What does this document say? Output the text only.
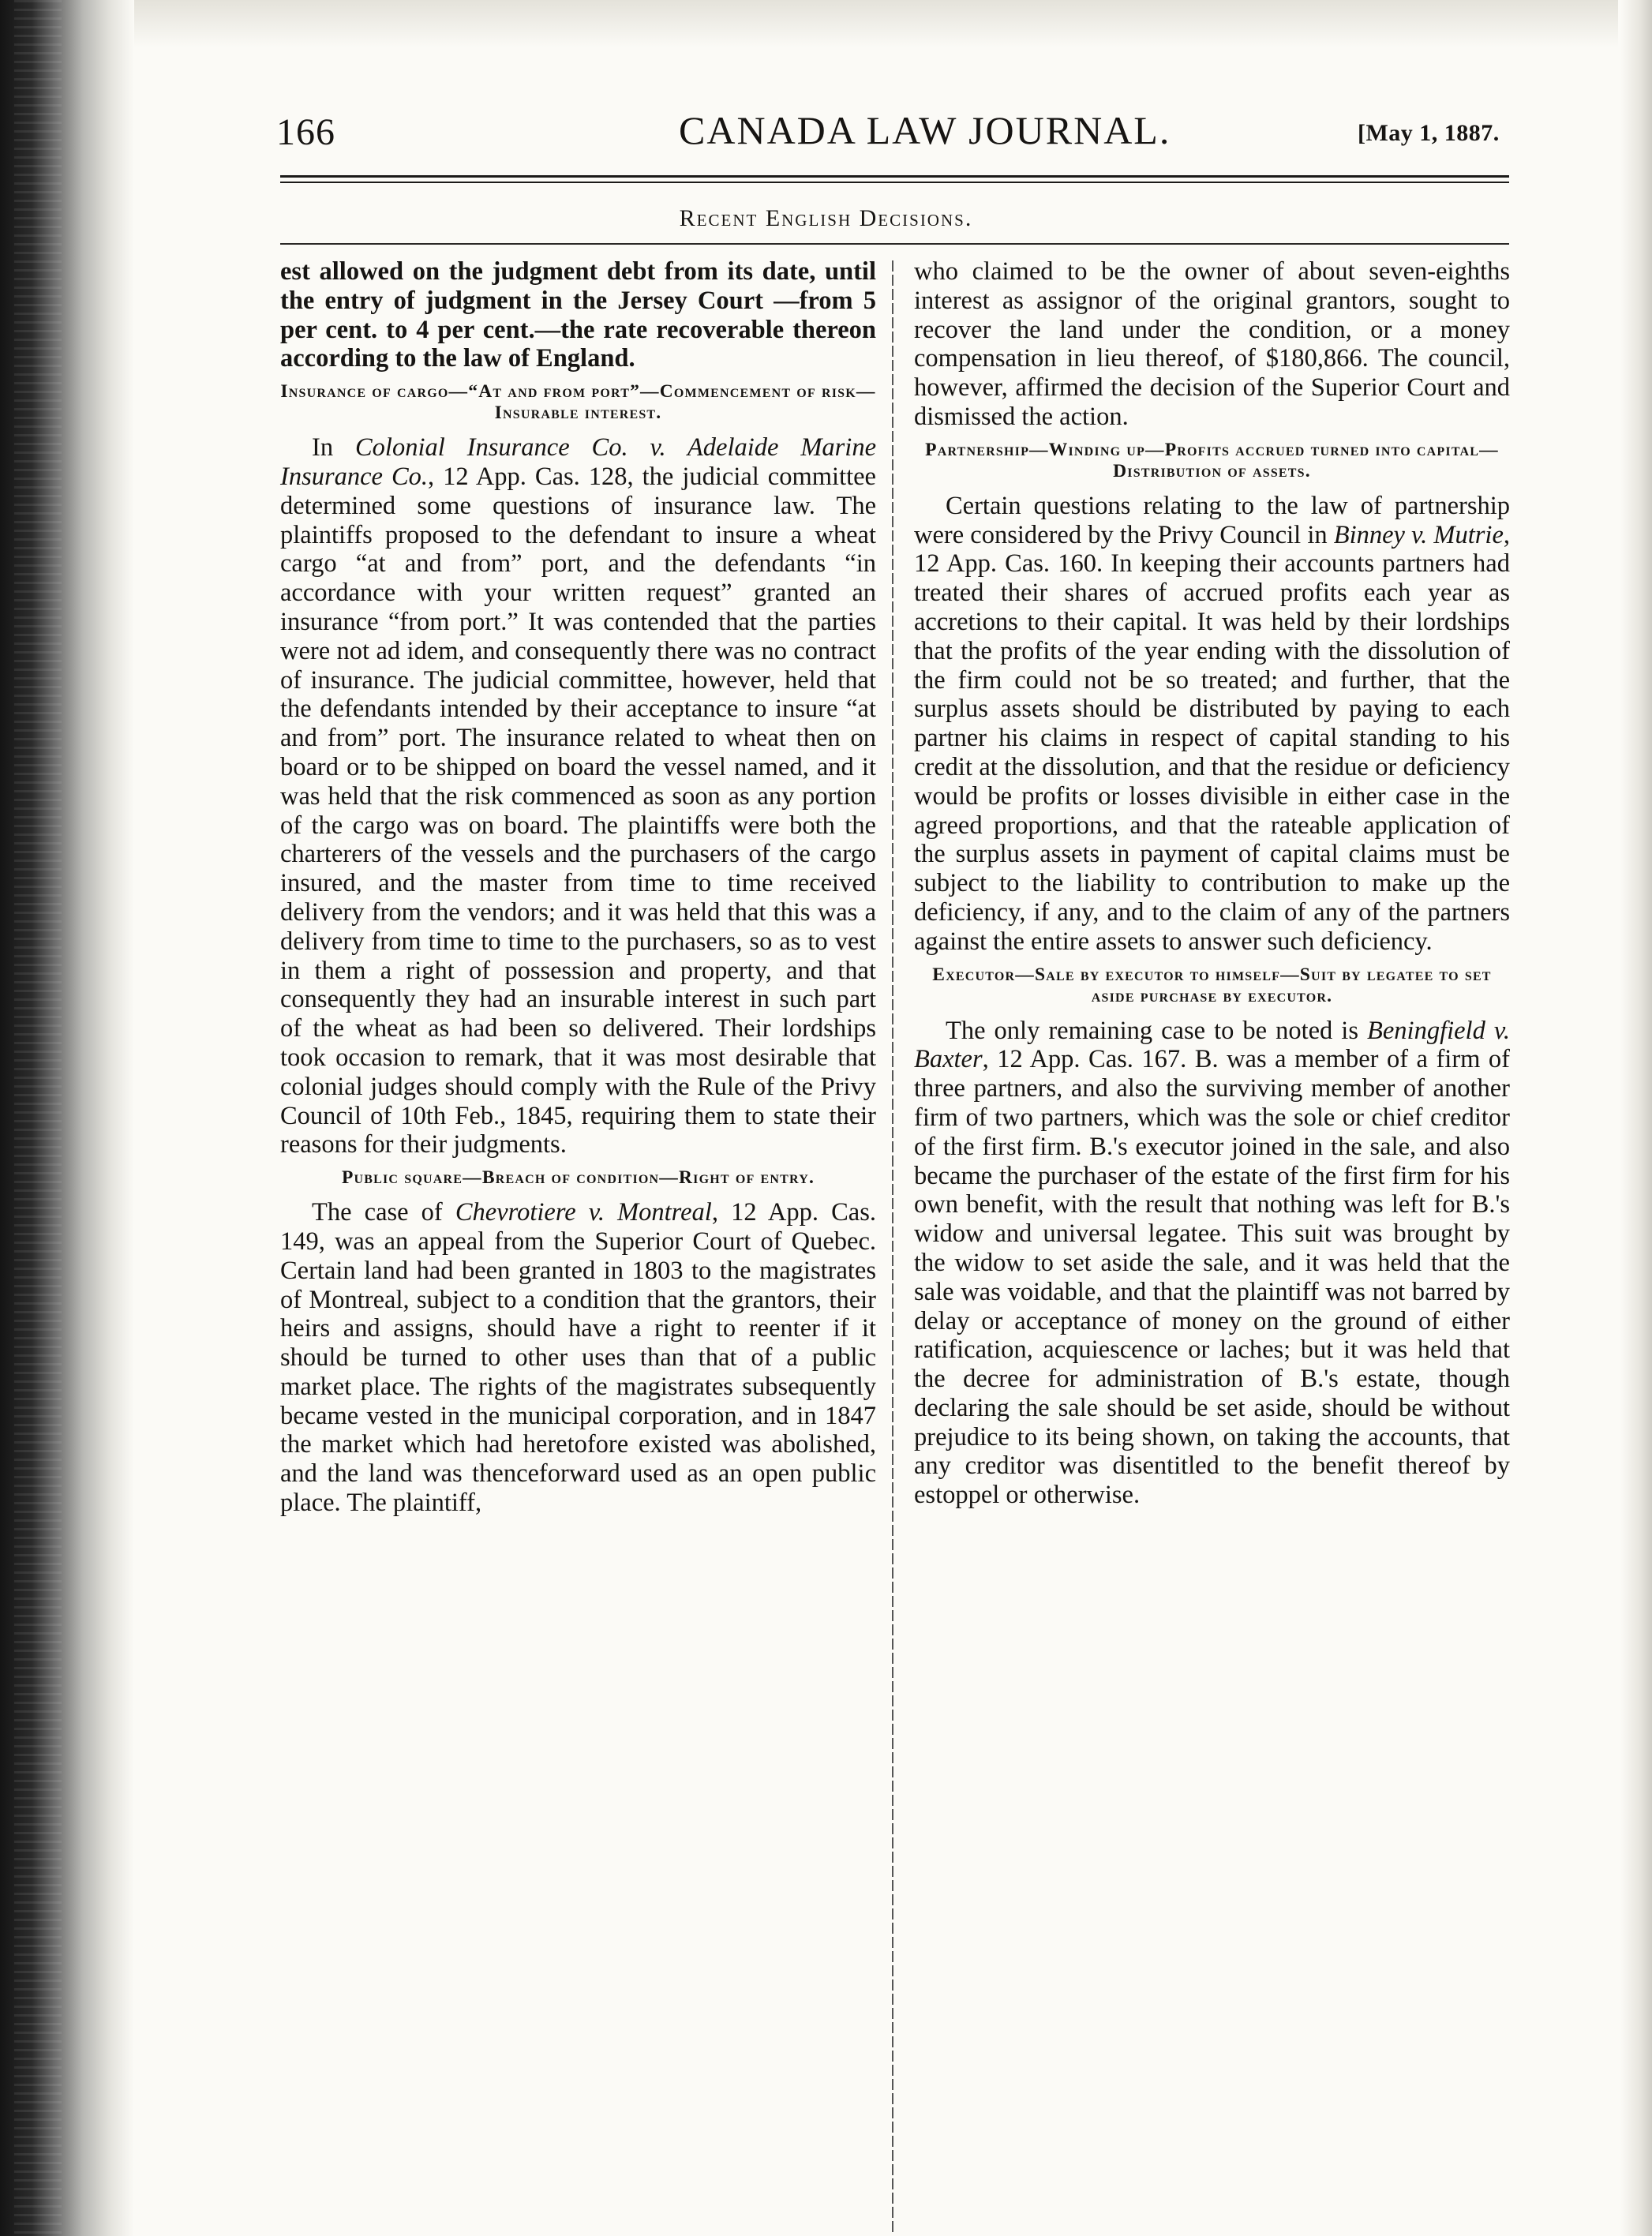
166	CANADA LAW JOURNAL.	[May 1, 1887.
Recent English Decisions.

est allowed on the judgment debt from its date, until the entry of judgment in the Jersey Court —from 5 per cent. to 4 per cent.—the rate recoverable thereon according to the law of England.

Insurance of cargo—“At and from port”—Commencement of risk—Insurable interest.

In Colonial Insurance Co. v. Adelaide Marine Insurance Co., 12 App. Cas. 128, the judicial committee determined some questions of insurance law. The plaintiffs proposed to the defendant to insure a wheat cargo “at and from” port, and the defendants “in accordance with your written request” granted an insurance “from port.” It was contended that the parties were not ad idem, and consequently there was no contract of insurance. The judicial committee, however, held that the defendants intended by their acceptance to insure “at and from” port. The insurance related to wheat then on board or to be shipped on board the vessel named, and it was held that the risk commenced as soon as any portion of the cargo was on board. The plaintiffs were both the charterers of the vessels and the purchasers of the cargo insured, and the master from time to time received delivery from the vendors; and it was held that this was a delivery from time to time to the purchasers, so as to vest in them a right of possession and property, and that consequently they had an insurable interest in such part of the wheat as had been so delivered. Their lordships took occasion to remark, that it was most desirable that colonial judges should comply with the Rule of the Privy Council of 10th Feb., 1845, requiring them to state their reasons for their judgments.

Public square—Breach of condition—Right of entry.

The case of Chevrotiere v. Montreal, 12 App. Cas. 149, was an appeal from the Superior Court of Quebec. Certain land had been granted in 1803 to the magistrates of Montreal, subject to a condition that the grantors, their heirs and assigns, should have a right to reenter if it should be turned to other uses than that of a public market place. The rights of the magistrates subsequently became vested in the municipal corporation, and in 1847 the market which had heretofore existed was abolished, and the land was thenceforward used as an open public place. The plaintiff,

who claimed to be the owner of about seven-eighths interest as assignor of the original grantors, sought to recover the land under the condition, or a money compensation in lieu thereof, of $180,866. The council, however, affirmed the decision of the Superior Court and dismissed the action.

Partnership—Winding up—Profits accrued turned into capital—Distribution of assets.

Certain questions relating to the law of partnership were considered by the Privy Council in Binney v. Mutrie, 12 App. Cas. 160. In keeping their accounts partners had treated their shares of accrued profits each year as accretions to their capital. It was held by their lordships that the profits of the year ending with the dissolution of the firm could not be so treated; and further, that the surplus assets should be distributed by paying to each partner his claims in respect of capital standing to his credit at the dissolution, and that the residue or deficiency would be profits or losses divisible in either case in the agreed proportions, and that the rateable application of the surplus assets in payment of capital claims must be subject to the liability to contribution to make up the deficiency, if any, and to the claim of any of the partners against the entire assets to answer such deficiency.

Executor—Sale by executor to himself—Suit by legatee to set aside purchase by executor.

The only remaining case to be noted is Beningfield v. Baxter, 12 App. Cas. 167. B. was a member of a firm of three partners, and also the surviving member of another firm of two partners, which was the sole or chief creditor of the first firm. B.'s executor joined in the sale, and also became the purchaser of the estate of the first firm for his own benefit, with the result that nothing was left for B.'s widow and universal legatee. This suit was brought by the widow to set aside the sale, and it was held that the sale was voidable, and that the plaintiff was not barred by delay or acceptance of money on the ground of either ratification, acquiescence or laches; but it was held that the decree for administration of B.'s estate, though declaring the sale should be set aside, should be without prejudice to its being shown, on taking the accounts, that any creditor was disentitled to the benefit thereof by estoppel or otherwise.
